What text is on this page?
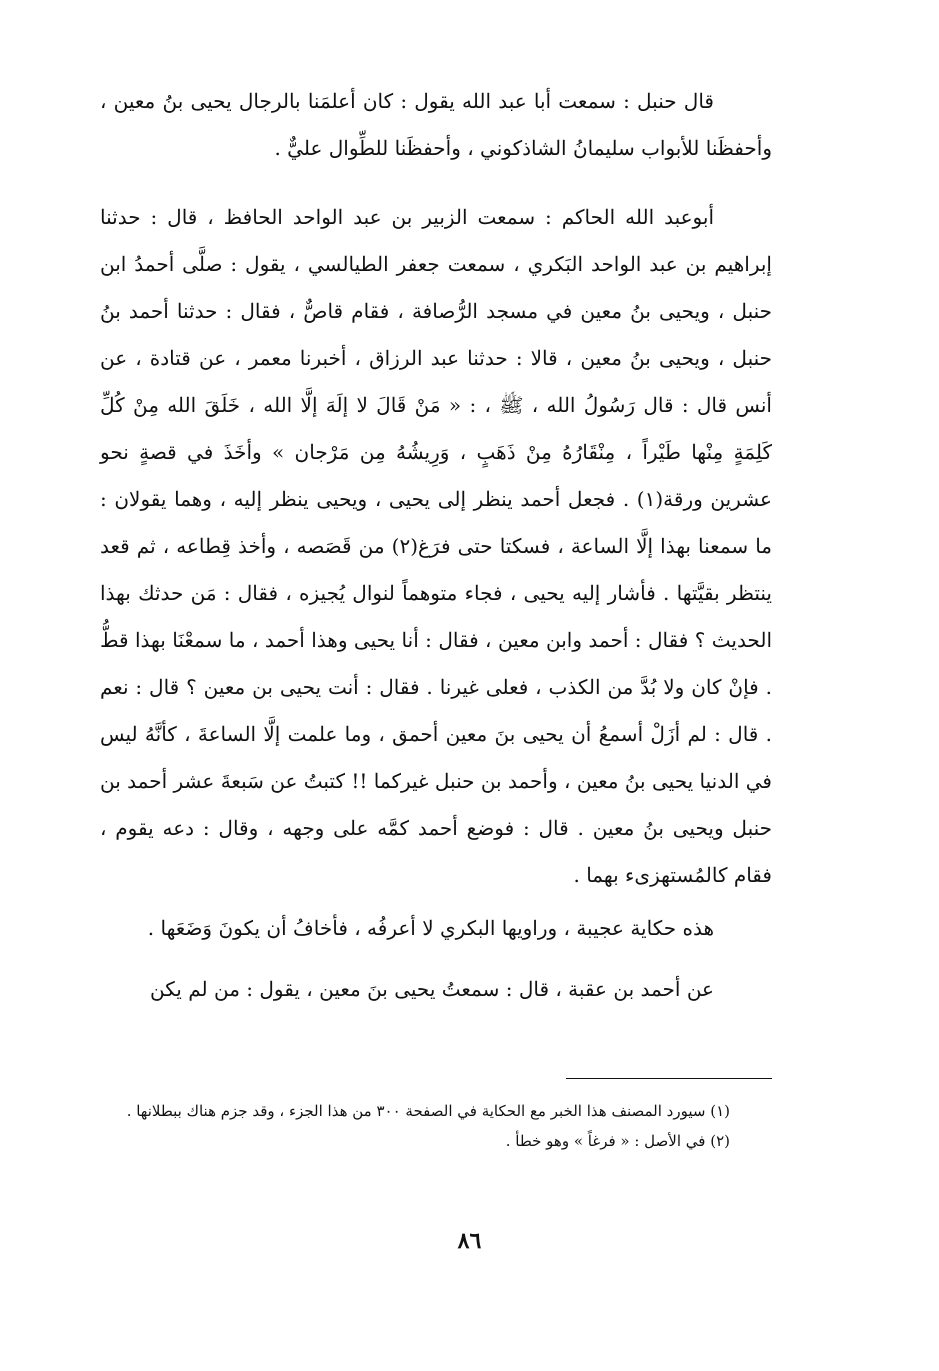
قال حنبل : سمعت أبا عبد الله يقول : كان أعلمَنا بالرجال يحيى بنُ معين ، وأحفظَنا للأبواب سليمانُ الشاذكوني ، وأحفظَنا للطِّوال عليٌّ .

أبوعبد الله الحاكم : سمعت الزبير بن عبد الواحد الحافظ ، قال : حدثنا إبراهيم بن عبد الواحد البَكري ، سمعت جعفر الطيالسي ، يقول : صلَّى أحمدُ ابن حنبل ، ويحيى بنُ معين في مسجد الرُّصافة ، فقام قاصٌّ ، فقال : حدثنا أحمد بنُ حنبل ، ويحيى بنُ معين ، قالا : حدثنا عبد الرزاق ، أخبرنا معمر ، عن قتادة ، عن أنس قال : قال رَسُولُ الله ، ﷺ ، : « مَنْ قَالَ لا إلَهَ إلَّا الله ، خَلَقَ الله مِنْ كُلِّ كَلِمَةٍ مِنْها طَيْراً ، مِنْقَارُهُ مِنْ ذَهَبٍ ، وَرِيشُهُ مِن مَرْجان » وأخَذَ في قصةٍ نحو عشرين ورقة(١) . فجعل أحمد ينظر إلى يحيى ، ويحيى ينظر إليه ، وهما يقولان : ما سمعنا بهذا إلَّا الساعة ، فسكتا حتى فرَغ(٢) من قَصَصه ، وأخذ قِطاعه ، ثم قعد ينتظر بقيَّتها . فأشار إليه يحيى ، فجاء متوهماً لنوال يُجيزه ، فقال : مَن حدثك بهذا الحديث ؟ فقال : أحمد وابن معين ، فقال : أنا يحيى وهذا أحمد ، ما سمعْنَا بهذا قطُّ . فإنْ كان ولا بُدَّ من الكذب ، فعلى غيرنا . فقال : أنت يحيى بن معين ؟ قال : نعم . قال : لم أزَلْ أسمعُ أن يحيى بنَ معين أحمق ، وما علمت إلَّا الساعةَ ، كأنَّهُ ليس في الدنيا يحيى بنُ معين ، وأحمد بن حنبل غيركما !! كتبتُ عن سَبعةَ عشر أحمد بن حنبل ويحيى بنُ معين . قال : فوضع أحمد كمَّه على وجهه ، وقال : دعه يقوم ، فقام كالمُستهزىء بهما .

هذه حكاية عجيبة ، وراويها البكري لا أعرفُه ، فأخافُ أن يكونَ وَضَعَها .

عن أحمد بن عقبة ، قال : سمعتُ يحيى بنَ معين ، يقول : من لم يكن

(١) سيورد المصنف هذا الخبر مع الحكاية في الصفحة ٣٠٠ من هذا الجزء ، وقد جزم هناك ببطلانها .

(٢) في الأصل : « فرغاً » وهو خطأ .

٨٦
